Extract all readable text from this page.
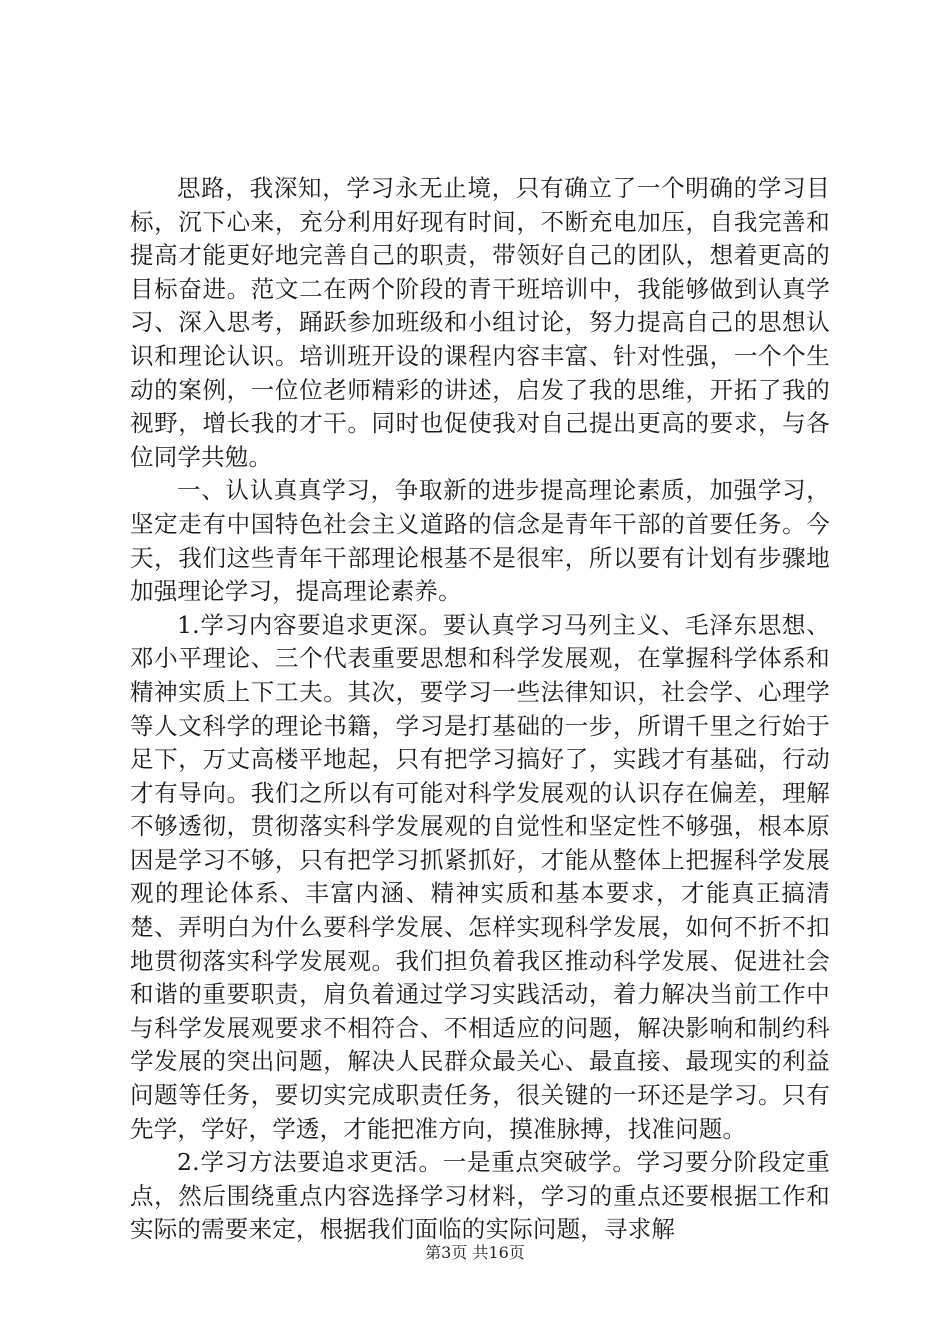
思路，我深知，学习永无止境，只有确立了一个明确的学习目标，沉下心来，充分利用好现有时间，不断充电加压，自我完善和提高才能更好地完善自己的职责，带领好自己的团队，想着更高的目标奋进。范文二在两个阶段的青干班培训中，我能够做到认真学习、深入思考，踊跃参加班级和小组讨论，努力提高自己的思想认识和理论认识。培训班开设的课程内容丰富、针对性强，一个个生动的案例，一位位老师精彩的讲述，启发了我的思维，开拓了我的视野，增长我的才干。同时也促使我对自己提出更高的要求，与各位同学共勉。

一、认认真真学习，争取新的进步提高理论素质，加强学习，坚定走有中国特色社会主义道路的信念是青年干部的首要任务。今天，我们这些青年干部理论根基不是很牢，所以要有计划有步骤地加强理论学习，提高理论素养。

1.学习内容要追求更深。要认真学习马列主义、毛泽东思想、邓小平理论、三个代表重要思想和科学发展观，在掌握科学体系和精神实质上下工夫。其次，要学习一些法律知识，社会学、心理学等人文科学的理论书籍，学习是打基础的一步，所谓千里之行始于足下，万丈高楼平地起，只有把学习搞好了，实践才有基础，行动才有导向。我们之所以有可能对科学发展观的认识存在偏差，理解不够透彻，贯彻落实科学发展观的自觉性和坚定性不够强，根本原因是学习不够，只有把学习抓紧抓好，才能从整体上把握科学发展观的理论体系、丰富内涵、精神实质和基本要求，才能真正搞清楚、弄明白为什么要科学发展、怎样实现科学发展，如何不折不扣地贯彻落实科学发展观。我们担负着我区推动科学发展、促进社会和谐的重要职责，肩负着通过学习实践活动，着力解决当前工作中与科学发展观要求不相符合、不相适应的问题，解决影响和制约科学发展的突出问题，解决人民群众最关心、最直接、最现实的利益问题等任务，要切实完成职责任务，很关键的一环还是学习。只有先学，学好，学透，才能把准方向，摸准脉搏，找准问题。

2.学习方法要追求更活。一是重点突破学。学习要分阶段定重点，然后围绕重点内容选择学习材料，学习的重点还要根据工作和实际的需要来定，根据我们面临的实际问题，寻求解

第3页 共16页
